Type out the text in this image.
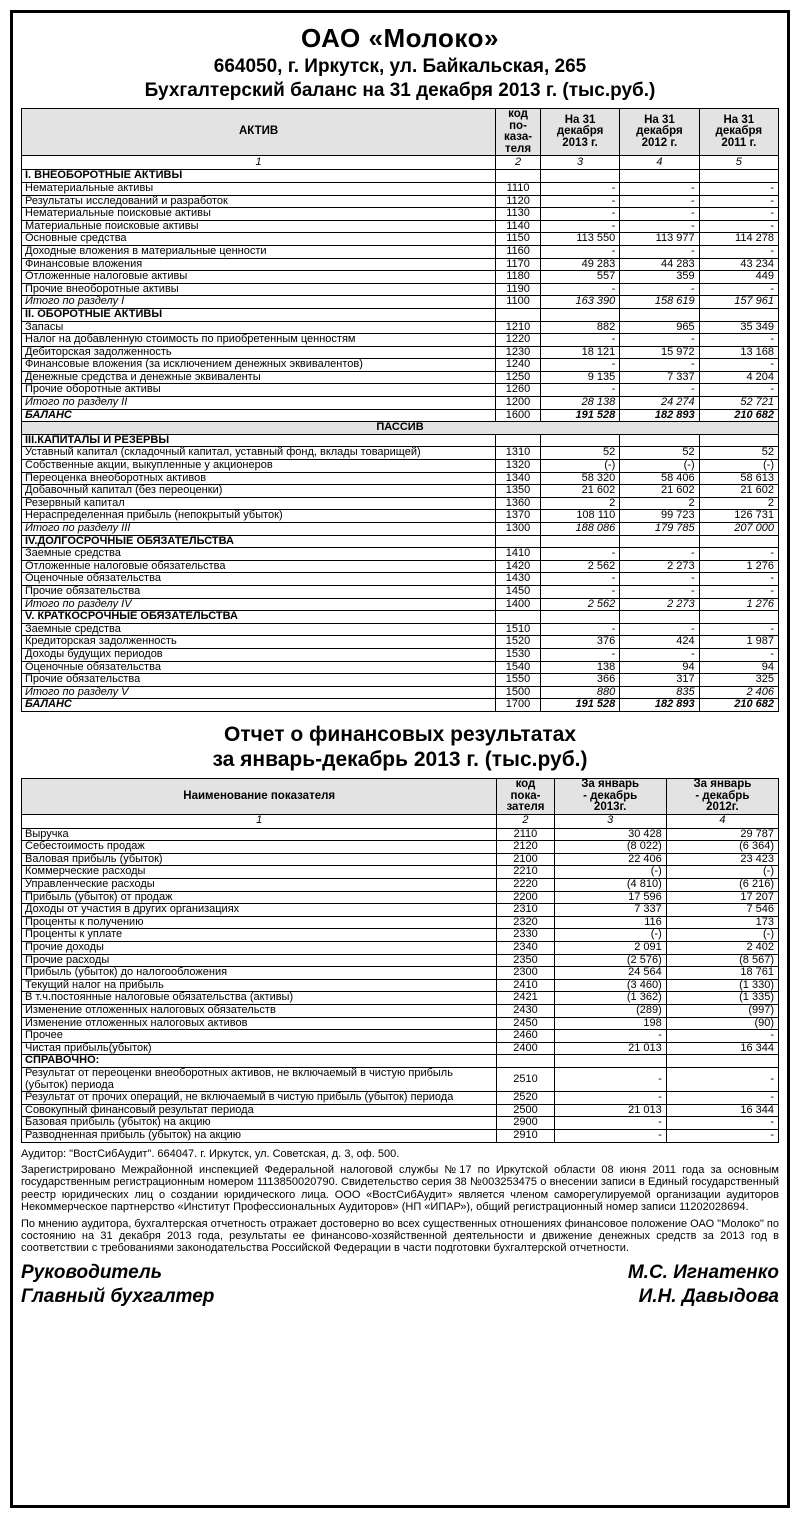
ОАО «Молоко»
664050, г. Иркутск, ул. Байкальская, 265
Бухгалтерский баланс на 31 декабря 2013 г. (тыс.руб.)
АКТИВ	код по-
каза-
теля	На 31
декабря
2013 г.	На 31
декабря
2012 г.	На 31
декабря
2011 г.
1	2	3	4	5
I. ВНЕОБОРОТНЫЕ АКТИВЫ				
Нематериальные активы	1110	-	-	-
Результаты исследований и разработок	1120	-	-	-
Нематериальные поисковые активы	1130	-	-	-
Материальные поисковые активы	1140	-	-	-
Основные средства	1150	113 550	113 977	114 278
Доходные вложения в материальные ценности	1160	-	-	-
Финансовые вложения	1170	49 283	44 283	43 234
Отложенные налоговые активы	1180	557	359	449
Прочие внеоборотные активы	1190	-	-	-
Итого по разделу I	1100	163 390	158 619	157 961
II. ОБОРОТНЫЕ АКТИВЫ				
Запасы	1210	882	965	35 349
Налог на добавленную стоимость по приобретенным ценностям	1220	-	-	-
Дебиторская задолженность	1230	18 121	15 972	13 168
Финансовые вложения (за исключением денежных эквивалентов)	1240	-	-	-
Денежные средства и денежные эквиваленты	1250	9 135	7 337	4 204
Прочие оборотные активы	1260	-	-	-
Итого по разделу II	1200	28 138	24 274	52 721
БАЛАНС	1600	191 528	182 893	210 682
ПАССИВ				
III.КАПИТАЛЫ И РЕЗЕРВЫ				
Уставный капитал (складочный капитал, уставный фонд, вклады товарищей)	1310	52	52	52
Собственные акции, выкупленные у акционеров	1320	(-)	(-)	(-)
Переоценка внеоборотных активов	1340	58 320	58 406	58 613
Добавочный капитал (без переоценки)	1350	21 602	21 602	21 602
Резервный капитал	1360	2	2	2
Нераспределенная прибыль (непокрытый убыток)	1370	108 110	99 723	126 731
Итого по разделу III	1300	188 086	179 785	207 000
IV.ДОЛГОСРОЧНЫЕ ОБЯЗАТЕЛЬСТВА				
Заемные средства	1410	-	-	-
Отложенные налоговые обязательства	1420	2 562	2 273	1 276
Оценочные обязательства	1430	-	-	-
Прочие обязательства	1450	-	-	-
Итого по разделу IV	1400	2 562	2 273	1 276
V. КРАТКОСРОЧНЫЕ ОБЯЗАТЕЛЬСТВА				
Заемные средства	1510	-	-	-
Кредиторская задолженность	1520	376	424	1 987
Доходы будущих периодов	1530	-	-	-
Оценочные обязательства	1540	138	94	94
Прочие обязательства	1550	366	317	325
Итого по разделу V	1500	880	835	2 406
БАЛАНС	1700	191 528	182 893	210 682
Отчет о финансовых результатах
за январь-декабрь 2013 г. (тыс.руб.)
Наименование показателя	код пока-
зателя	За январь
- декабрь
2013г.	За январь
- декабрь
2012г.
1	2	3	4
Выручка	2110	30 428	29 787
Себестоимость продаж	2120	(8 022)	(6 364)
Валовая прибыль (убыток)	2100	22 406	23 423
Коммерческие расходы	2210	(-)	(-)
Управленческие расходы	2220	(4 810)	(6 216)
Прибыль (убыток) от продаж	2200	17 596	17 207
Доходы от участия в других организациях	2310	7 337	7 546
Проценты к получению	2320	116	173
Проценты к уплате	2330	(-)	(-)
Прочие доходы	2340	2 091	2 402
Прочие расходы	2350	(2 576)	(8 567)
Прибыль (убыток) до налогообложения	2300	24 564	18 761
Текущий налог на прибыль	2410	(3 460)	(1 330)
В т.ч.постоянные налоговые обязательства (активы)	2421	(1 362)	(1 335)
Изменение отложенных налоговых обязательств	2430	(289)	(997)
Изменение отложенных налоговых активов	2450	198	(90)
Прочее	2460	-	-
Чистая прибыль(убыток)	2400	21 013	16 344
СПРАВОЧНО:			
Результат от переоценки внеоборотных активов, не включаемый в чистую прибыль (убыток) периода	2510	-	-
Результат от прочих операций, не включаемый в чистую прибыль (убыток) периода	2520	-	-
Совокупный финансовый результат периода	2500	21 013	16 344
Базовая прибыль (убыток) на акцию	2900	-	-
Разводненная прибыль (убыток) на акцию	2910	-	-

Аудитор: "ВостСибАудит". 664047. г. Иркутск, ул. Советская, д. 3, оф. 500.

Зарегистрировано Межрайонной инспекцией Федеральной налоговой службы №17 по Иркутской области 08 июня 2011 года за основным государственным регистрационным номером 1113850020790. Свидетельство серия 38 №003253475 о внесении записи в Единый государственный реестр юридических лиц о создании юридического лица. ООО «ВостСибАудит» является членом саморегулируемой организации аудиторов Некоммерческое партнерство «Институт Профессиональных Аудиторов» (НП «ИПАР»), общий регистрационный номер записи 11202028694.

По мнению аудитора, бухгалтерская отчетность отражает достоверно во всех существенных отношениях финансовое положение ОАО "Молоко" по состоянию на 31 декабря 2013 года, результаты ее финансово-хозяйственной деятельности и движение денежных средств за 2013 год в соответствии с требованиями законодательства Российской Федерации в части подготовки бухгалтерской отчетности.

Руководитель
Главный бухгалтер
М.С. Игнатенко
И.Н. Давыдова
